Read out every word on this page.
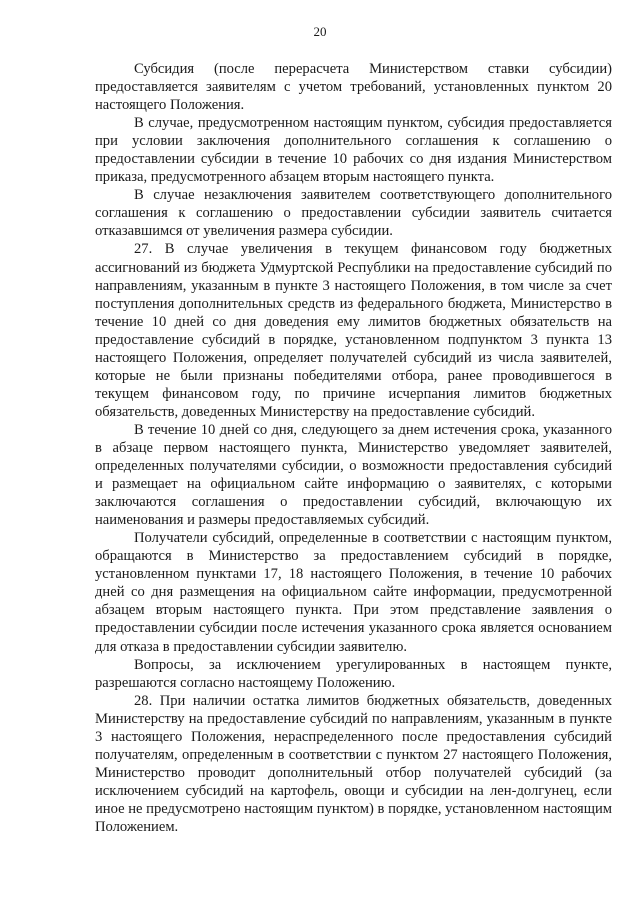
20

Субсидия (после перерасчета Министерством ставки субсидии) предоставляется заявителям с учетом требований, установленных пунктом 20 настоящего Положения.

В случае, предусмотренном настоящим пунктом, субсидия предоставляется при условии заключения дополнительного соглашения к соглашению о предоставлении субсидии в течение 10 рабочих со дня издания Министерством приказа, предусмотренного абзацем вторым настоящего пункта.

В случае незаключения заявителем соответствующего дополнительного соглашения к соглашению о предоставлении субсидии заявитель считается отказавшимся от увеличения размера субсидии.

27. В случае увеличения в текущем финансовом году бюджетных ассигнований из бюджета Удмуртской Республики на предоставление субсидий по направлениям, указанным в пункте 3 настоящего Положения, в том числе за счет поступления дополнительных средств из федерального бюджета, Министерство в течение 10 дней со дня доведения ему лимитов бюджетных обязательств на предоставление субсидий в порядке, установленном подпунктом 3 пункта 13 настоящего Положения, определяет получателей субсидий из числа заявителей, которые не были признаны победителями отбора, ранее проводившегося в текущем финансовом году, по причине исчерпания лимитов бюджетных обязательств, доведенных Министерству на предоставление субсидий.

В течение 10 дней со дня, следующего за днем истечения срока, указанного в абзаце первом настоящего пункта, Министерство уведомляет заявителей, определенных получателями субсидии, о возможности предоставления субсидий и размещает на официальном сайте информацию о заявителях, с которыми заключаются соглашения о предоставлении субсидий, включающую их наименования и размеры предоставляемых субсидий.

Получатели субсидий, определенные в соответствии с настоящим пунктом, обращаются в Министерство за предоставлением субсидий в порядке, установленном пунктами 17, 18 настоящего Положения, в течение 10 рабочих дней со дня размещения на официальном сайте информации, предусмотренной абзацем вторым настоящего пункта. При этом представление заявления о предоставлении субсидии после истечения указанного срока является основанием для отказа в предоставлении субсидии заявителю.

Вопросы, за исключением урегулированных в настоящем пункте, разрешаются согласно настоящему Положению.

28. При наличии остатка лимитов бюджетных обязательств, доведенных Министерству на предоставление субсидий по направлениям, указанным в пункте 3 настоящего Положения, нераспределенного после предоставления субсидий получателям, определенным в соответствии с пунктом 27 настоящего Положения, Министерство проводит дополнительный отбор получателей субсидий (за исключением субсидий на картофель, овощи и субсидии на лен-долгунец, если иное не предусмотрено настоящим пунктом) в порядке, установленном настоящим Положением.
